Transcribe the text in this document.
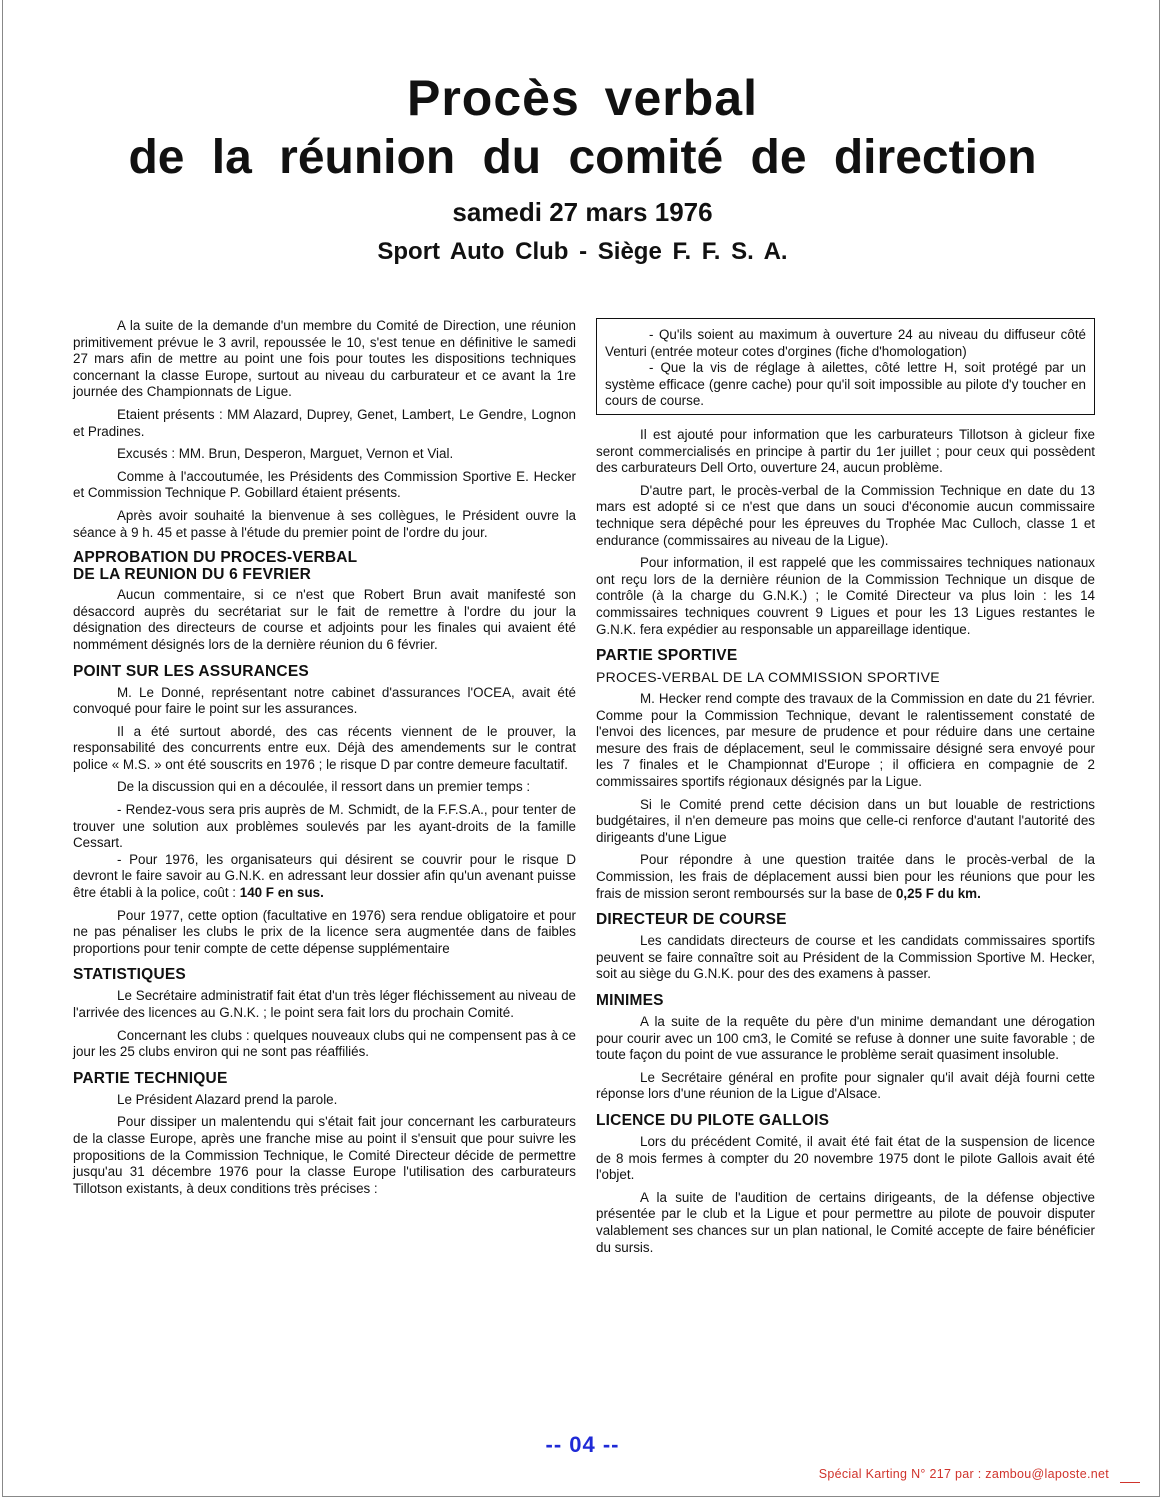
Procès verbal
de la réunion du comité de direction
samedi 27 mars 1976
Sport Auto Club - Siège F. F. S. A.

A la suite de la demande d'un membre du Comité de Direction, une réunion primitivement prévue le 3 avril, repoussée le 10, s'est tenue en définitive le samedi 27 mars afin de mettre au point une fois pour toutes les dispositions techniques concernant la classe Europe, surtout au niveau du carburateur et ce avant la 1re journée des Championnats de Ligue.

Etaient présents : MM Alazard, Duprey, Genet, Lambert, Le Gendre, Lognon et Pradines.

Excusés : MM. Brun, Desperon, Marguet, Vernon et Vial.

Comme à l'accoutumée, les Présidents des Commission Sportive E. Hecker et Commission Technique P. Gobillard étaient présents.

Après avoir souhaité la bienvenue à ses collègues, le Président ouvre la séance à 9 h. 45 et passe à l'étude du premier point de l'ordre du jour.

APPROBATION DU PROCES-VERBAL
DE LA REUNION DU 6 FEVRIER

Aucun commentaire, si ce n'est que Robert Brun avait manifesté son désaccord auprès du secrétariat sur le fait de remettre à l'ordre du jour la désignation des directeurs de course et adjoints pour les finales qui avaient été nommément désignés lors de la dernière réunion du 6 février.

POINT SUR LES ASSURANCES

M. Le Donné, représentant notre cabinet d'assurances l'OCEA, avait été convoqué pour faire le point sur les assurances.

Il a été surtout abordé, des cas récents viennent de le prouver, la responsabilité des concurrents entre eux. Déjà des amendements sur le contrat police « M.S. » ont été souscrits en 1976 ; le risque D par contre demeure facultatif.

De la discussion qui en a découlée, il ressort dans un premier temps :

- Rendez-vous sera pris auprès de M. Schmidt, de la F.F.S.A., pour tenter de trouver une solution aux problèmes soulevés par les ayant-droits de la famille Cessart.

- Pour 1976, les organisateurs qui désirent se couvrir pour le risque D devront le faire savoir au G.N.K. en adressant leur dossier afin qu'un avenant puisse être établi à la police, coût : 140 F en sus.

Pour 1977, cette option (facultative en 1976) sera rendue obligatoire et pour ne pas pénaliser les clubs le prix de la licence sera augmentée dans de faibles proportions pour tenir compte de cette dépense supplémentaire

STATISTIQUES

Le Secrétaire administratif fait état d'un très léger fléchissement au niveau de l'arrivée des licences au G.N.K. ; le point sera fait lors du prochain Comité.

Concernant les clubs : quelques nouveaux clubs qui ne compensent pas à ce jour les 25 clubs environ qui ne sont pas réaffiliés.

PARTIE TECHNIQUE

Le Président Alazard prend la parole.

Pour dissiper un malentendu qui s'était fait jour concernant les carburateurs de la classe Europe, après une franche mise au point il s'ensuit que pour suivre les propositions de la Commission Technique, le Comité Directeur décide de permettre jusqu'au 31 décembre 1976 pour la classe Europe l'utilisation des carburateurs Tillotson existants, à deux conditions très précises :

- Qu'ils soient au maximum à ouverture 24 au niveau du diffuseur côté Venturi (entrée moteur cotes d'orgines (fiche d'homologation)

- Que la vis de réglage à ailettes, côté lettre H, soit protégé par un système efficace (genre cache) pour qu'il soit impossible au pilote d'y toucher en cours de course.

Il est ajouté pour information que les carburateurs Tillotson à gicleur fixe seront commercialisés en principe à partir du 1er juillet ; pour ceux qui possèdent des carburateurs Dell Orto, ouverture 24, aucun problème.

D'autre part, le procès-verbal de la Commission Technique en date du 13 mars est adopté si ce n'est que dans un souci d'économie aucun commissaire technique sera dépêché pour les épreuves du Trophée Mac Culloch, classe 1 et endurance (commissaires au niveau de la Ligue).

Pour information, il est rappelé que les commissaires techniques nationaux ont reçu lors de la dernière réunion de la Commission Technique un disque de contrôle (à la charge du G.N.K.) ; le Comité Directeur va plus loin : les 14 commissaires techniques couvrent 9 Ligues et pour les 13 Ligues restantes le G.N.K. fera expédier au responsable un appareillage identique.

PARTIE SPORTIVE
PROCES-VERBAL DE LA COMMISSION SPORTIVE

M. Hecker rend compte des travaux de la Commission en date du 21 février. Comme pour la Commission Technique, devant le ralentissement constaté de l'envoi des licences, par mesure de prudence et pour réduire dans une certaine mesure des frais de déplacement, seul le commissaire désigné sera envoyé pour les 7 finales et le Championnat d'Europe ; il officiera en compagnie de 2 commissaires sportifs régionaux désignés par la Ligue.

Si le Comité prend cette décision dans un but louable de restrictions budgétaires, il n'en demeure pas moins que celle-ci renforce d'autant l'autorité des dirigeants d'une Ligue

Pour répondre à une question traitée dans le procès-verbal de la Commission, les frais de déplacement aussi bien pour les réunions que pour les frais de mission seront remboursés sur la base de 0,25 F du km.

DIRECTEUR DE COURSE

Les candidats directeurs de course et les candidats commissaires sportifs peuvent se faire connaître soit au Président de la Commission Sportive M. Hecker, soit au siège du G.N.K. pour des des examens à passer.

MINIMES

A la suite de la requête du père d'un minime demandant une dérogation pour courir avec un 100 cm3, le Comité se refuse à donner une suite favorable ; de toute façon du point de vue assurance le problème serait quasiment insoluble.

Le Secrétaire général en profite pour signaler qu'il avait déjà fourni cette réponse lors d'une réunion de la Ligue d'Alsace.

LICENCE DU PILOTE GALLOIS

Lors du précédent Comité, il avait été fait état de la suspension de licence de 8 mois fermes à compter du 20 novembre 1975 dont le pilote Gallois avait été l'objet.

A la suite de l'audition de certains dirigeants, de la défense objective présentée par le club et la Ligue et pour permettre au pilote de pouvoir disputer valablement ses chances sur un plan national, le Comité accepte de faire bénéficier du sursis.

-- 04 --
Spécial Karting N° 217 par : zambou@laposte.net
